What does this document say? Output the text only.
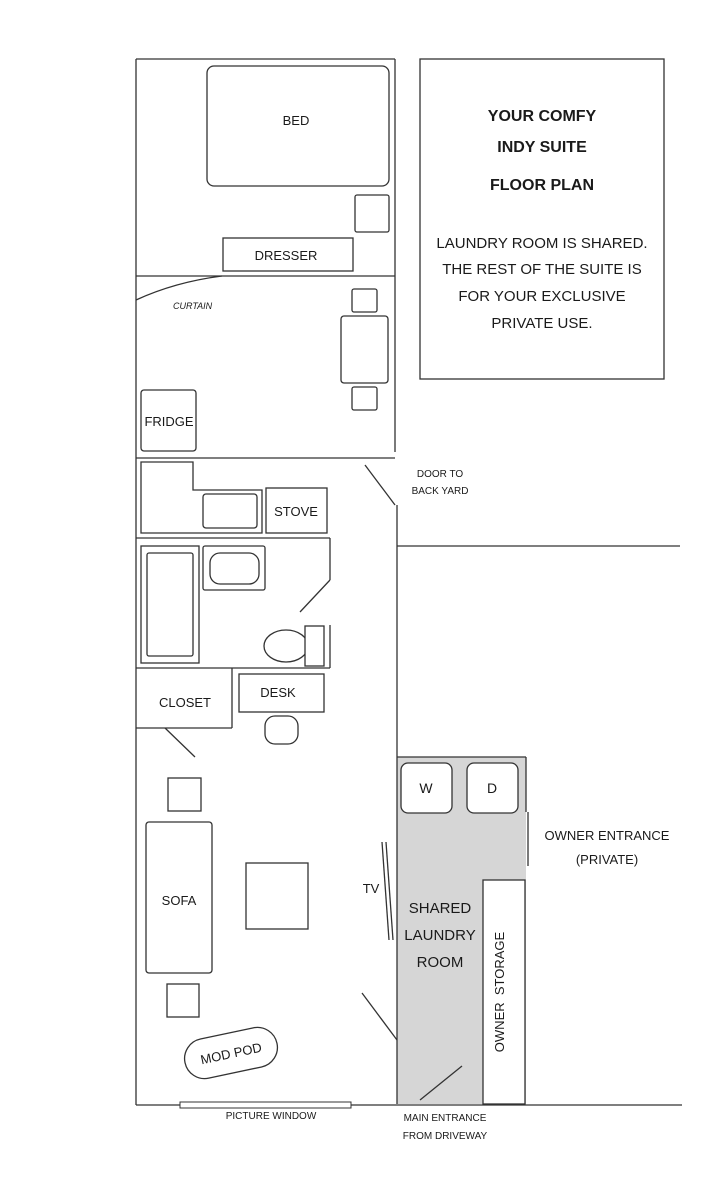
YOUR COMFY
INDY SUITE
FLOOR PLAN
LAUNDRY ROOM IS SHARED.
THE REST OF THE SUITE IS
FOR YOUR EXCLUSIVE
PRIVATE USE.
BED
DRESSER
CURTAIN
FRIDGE
STOVE
CLOSET
DESK
SOFA
TV
MOD POD
W	D
SHARED
LAUNDRY
ROOM OWNER  STORAGE
DOOR TO
BACK YARD
OWNER ENTRANCE
(PRIVATE)
PICTURE WINDOW	MAIN ENTRANCE
FROM DRIVEWAY
